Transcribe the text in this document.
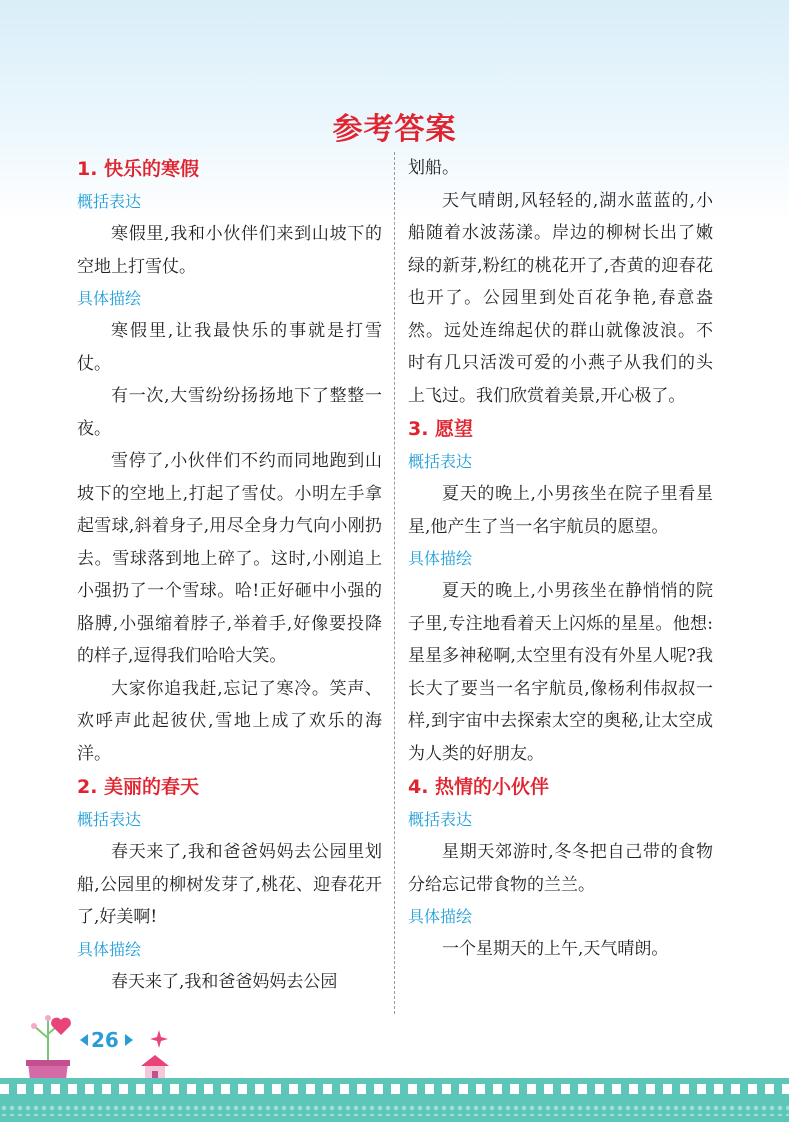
参考答案
1. 快乐的寒假
概括表达

寒假里,我和小伙伴们来到山坡下的空地上打雪仗。

具体描绘

寒假里,让我最快乐的事就是打雪仗。

有一次,大雪纷纷扬扬地下了整整一夜。

雪停了,小伙伴们不约而同地跑到山坡下的空地上,打起了雪仗。小明左手拿起雪球,斜着身子,用尽全身力气向小刚扔去。雪球落到地上碎了。这时,小刚追上小强扔了一个雪球。哈!正好砸中小强的胳膊,小强缩着脖子,举着手,好像要投降的样子,逗得我们哈哈大笑。

大家你追我赶,忘记了寒冷。笑声、欢呼声此起彼伏,雪地上成了欢乐的海洋。

2. 美丽的春天
概括表达

春天来了,我和爸爸妈妈去公园里划船,公园里的柳树发芽了,桃花、迎春花开了,好美啊!

具体描绘

春天来了,我和爸爸妈妈去公园

划船。

天气晴朗,风轻轻的,湖水蓝蓝的,小船随着水波荡漾。岸边的柳树长出了嫩绿的新芽,粉红的桃花开了,杏黄的迎春花也开了。公园里到处百花争艳,春意盎然。远处连绵起伏的群山就像波浪。不时有几只活泼可爱的小燕子从我们的头上飞过。我们欣赏着美景,开心极了。

3. 愿望
概括表达

夏天的晚上,小男孩坐在院子里看星星,他产生了当一名宇航员的愿望。

具体描绘

夏天的晚上,小男孩坐在静悄悄的院子里,专注地看着天上闪烁的星星。他想:星星多神秘啊,太空里有没有外星人呢?我长大了要当一名宇航员,像杨利伟叔叔一样,到宇宙中去探索太空的奥秘,让太空成为人类的好朋友。

4. 热情的小伙伴
概括表达

星期天郊游时,冬冬把自己带的食物分给忘记带食物的兰兰。

具体描绘

一个星期天的上午,天气晴朗。

26
